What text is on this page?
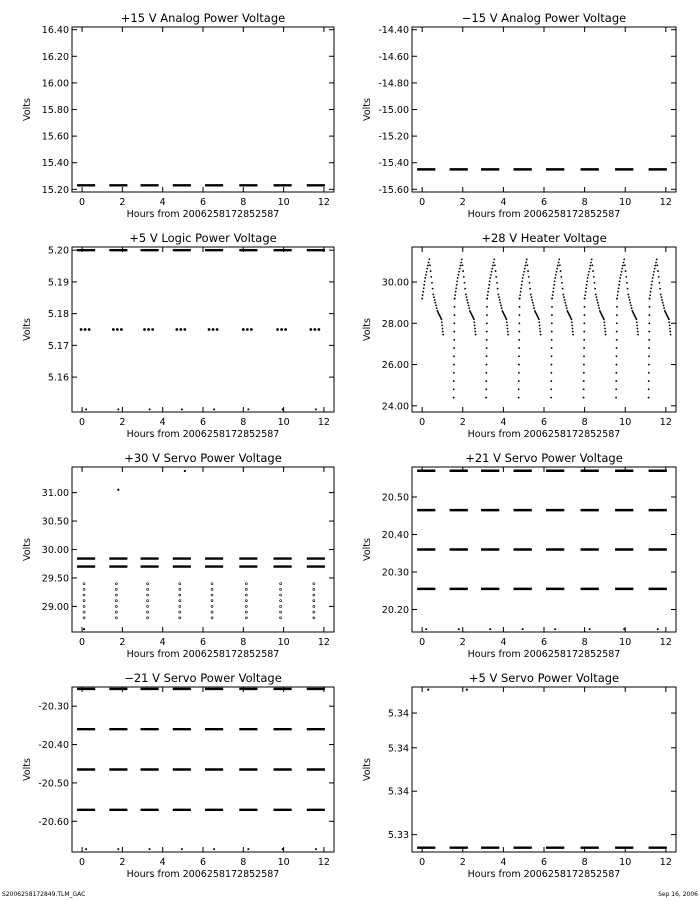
+15 V Analog Power Voltage
0	2	4	6	8	10	12
15.20
15.40
15.60
15.80
16.00
16.20
16.40
Hours from 2006258172852587
Volts
−15 V Analog Power Voltage
0	2	4	6	8	10	12
-15.60
-15.40
-15.20
-15.00
-14.80
-14.60
-14.40
Hours from 2006258172852587
Volts
+5 V Logic Power Voltage
0	2	4	6	8	10	12
5.16
5.17
5.18
5.19
5.20
Hours from 2006258172852587
Volts
+28 V Heater Voltage
0	2	4	6	8	10	12
24.00
26.00
28.00
30.00
Hours from 2006258172852587
Volts
+30 V Servo Power Voltage
0	2	4	6	8	10	12
29.00
29.50
30.00
30.50
31.00
Hours from 2006258172852587
Volts
+21 V Servo Power Voltage
0	2	4	6	8	10	12
20.20
20.30
20.40
20.50
Hours from 2006258172852587
Volts
−21 V Servo Power Voltage
0	2	4	6	8	10	12
-20.60
-20.50
-20.40
-20.30
Hours from 2006258172852587
Volts
+5 V Servo Power Voltage
0	2	4	6	8	10	12
5.33
5.34
5.34
5.34
Hours from 2006258172852587
Volts
S2006258172849.TLM_GAC	Sep 16, 2006
